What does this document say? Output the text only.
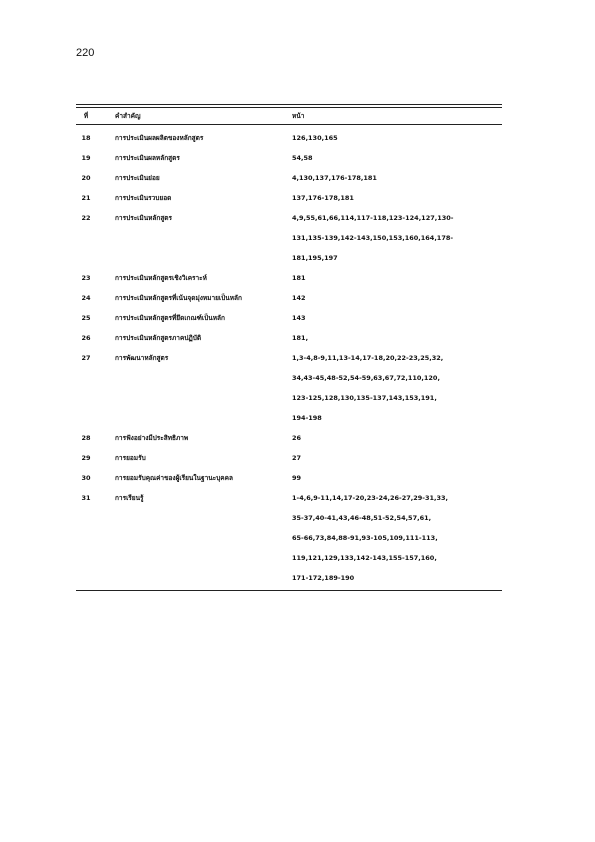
220
ที่	คำสำคัญ	หน้า
18	การประเมินผลผลิตของหลักสูตร	126,130,165
19	การประเมินผลหลักสูตร	54,58
20	การประเมินย่อย	4,130,137,176-178,181
21	การประเมินรวบยอด	137,176-178,181
22	การประเมินหลักสูตร	4,9,55,61,66,114,117-118,123-124,127,130-
131,135-139,142-143,150,153,160,164,178-
181,195,197
23	การประเมินหลักสูตรเชิงวิเคราะห์	181
24	การประเมินหลักสูตรที่เน้นจุดมุ่งหมายเป็นหลัก	142
25	การประเมินหลักสูตรที่ยึดเกณฑ์เป็นหลัก	143
26	การประเมินหลักสูตรภาคปฏิบัติ	181,
27	การพัฒนาหลักสูตร	1,3-4,8-9,11,13-14,17-18,20,22-23,25,32,
34,43-45,48-52,54-59,63,67,72,110,120,
123-125,128,130,135-137,143,153,191,
194-198
28	การฟังอย่างมีประสิทธิภาพ	26
29	การยอมรับ	27
30	การยอมรับคุณค่าของผู้เรียนในฐานะบุคคล	99
31	การเรียนรู้	1-4,6,9-11,14,17-20,23-24,26-27,29-31,33,
35-37,40-41,43,46-48,51-52,54,57,61,
65-66,73,84,88-91,93-105,109,111-113,
119,121,129,133,142-143,155-157,160,
171-172,189-190
